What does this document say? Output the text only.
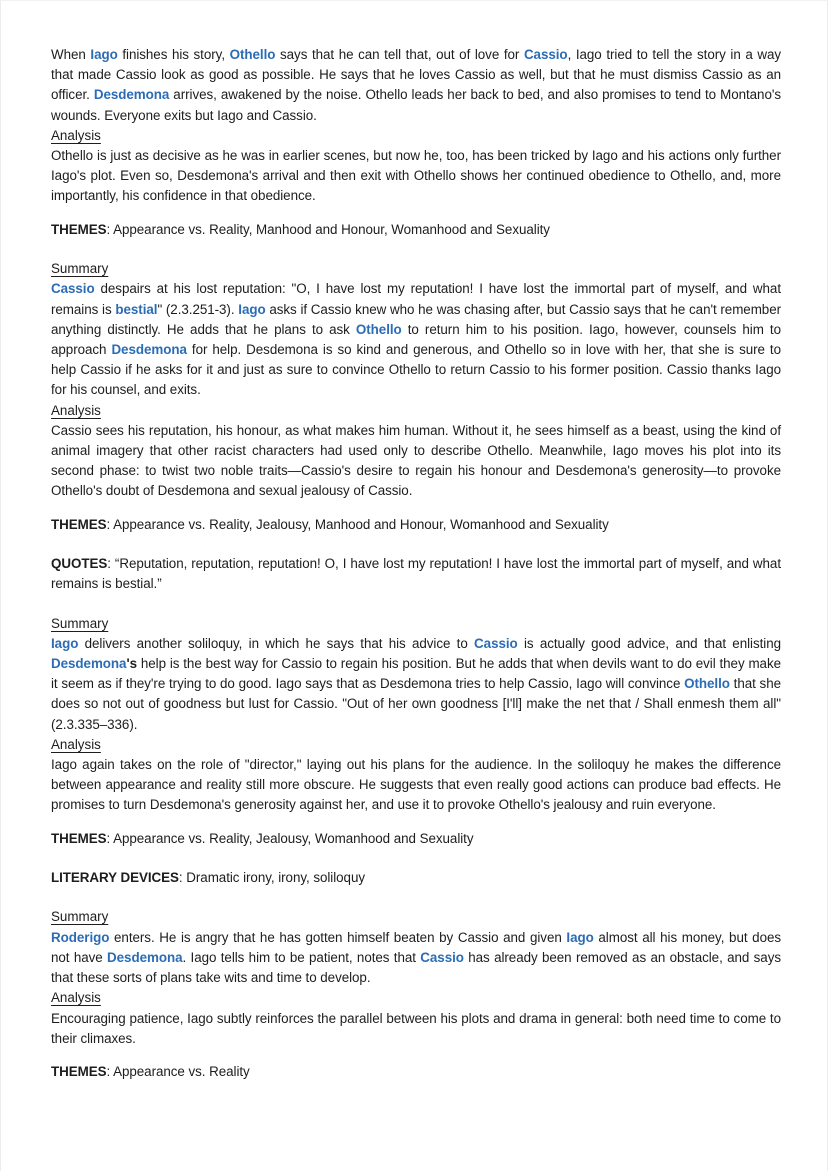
When Iago finishes his story, Othello says that he can tell that, out of love for Cassio, Iago tried to tell the story in a way that made Cassio look as good as possible. He says that he loves Cassio as well, but that he must dismiss Cassio as an officer. Desdemona arrives, awakened by the noise. Othello leads her back to bed, and also promises to tend to Montano's wounds. Everyone exits but Iago and Cassio.

Analysis

Othello is just as decisive as he was in earlier scenes, but now he, too, has been tricked by Iago and his actions only further Iago's plot. Even so, Desdemona's arrival and then exit with Othello shows her continued obedience to Othello, and, more importantly, his confidence in that obedience.

THEMES: Appearance vs. Reality, Manhood and Honour, Womanhood and Sexuality

Summary

Cassio despairs at his lost reputation: "O, I have lost my reputation! I have lost the immortal part of myself, and what remains is bestial" (2.3.251-3). Iago asks if Cassio knew who he was chasing after, but Cassio says that he can't remember anything distinctly. He adds that he plans to ask Othello to return him to his position. Iago, however, counsels him to approach Desdemona for help. Desdemona is so kind and generous, and Othello so in love with her, that she is sure to help Cassio if he asks for it and just as sure to convince Othello to return Cassio to his former position. Cassio thanks Iago for his counsel, and exits.

Analysis

Cassio sees his reputation, his honour, as what makes him human. Without it, he sees himself as a beast, using the kind of animal imagery that other racist characters had used only to describe Othello. Meanwhile, Iago moves his plot into its second phase: to twist two noble traits—Cassio's desire to regain his honour and Desdemona's generosity—to provoke Othello's doubt of Desdemona and sexual jealousy of Cassio.

THEMES: Appearance vs. Reality, Jealousy, Manhood and Honour, Womanhood and Sexuality

QUOTES: “Reputation, reputation, reputation! O, I have lost my reputation! I have lost the immortal part of myself, and what remains is bestial.”

Summary

Iago delivers another soliloquy, in which he says that his advice to Cassio is actually good advice, and that enlisting Desdemona's help is the best way for Cassio to regain his position. But he adds that when devils want to do evil they make it seem as if they're trying to do good. Iago says that as Desdemona tries to help Cassio, Iago will convince Othello that she does so not out of goodness but lust for Cassio. "Out of her own goodness [I'll] make the net that / Shall enmesh them all" (2.3.335–336).

Analysis

Iago again takes on the role of "director," laying out his plans for the audience. In the soliloquy he makes the difference between appearance and reality still more obscure. He suggests that even really good actions can produce bad effects. He promises to turn Desdemona's generosity against her, and use it to provoke Othello's jealousy and ruin everyone.

THEMES: Appearance vs. Reality, Jealousy, Womanhood and Sexuality

LITERARY DEVICES: Dramatic irony, irony, soliloquy

Summary

Roderigo enters. He is angry that he has gotten himself beaten by Cassio and given Iago almost all his money, but does not have Desdemona. Iago tells him to be patient, notes that Cassio has already been removed as an obstacle, and says that these sorts of plans take wits and time to develop.

Analysis

Encouraging patience, Iago subtly reinforces the parallel between his plots and drama in general: both need time to come to their climaxes.

THEMES: Appearance vs. Reality
